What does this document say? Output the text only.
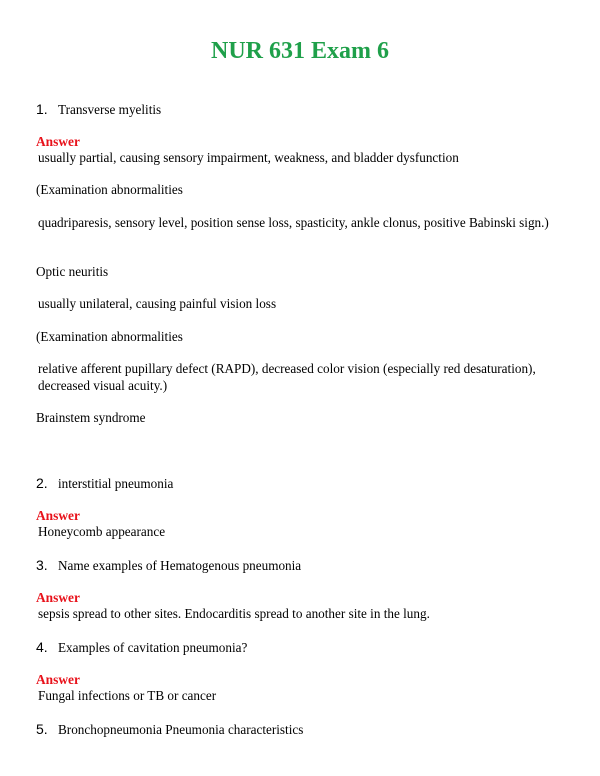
NUR 631 Exam 6
1. Transverse myelitis
Answer
usually partial, causing sensory impairment, weakness, and bladder dysfunction
(Examination abnormalities
quadriparesis, sensory level, position sense loss, spasticity, ankle clonus, positive Babinski sign.)
Optic neuritis
usually unilateral, causing painful vision loss
(Examination abnormalities
relative afferent pupillary defect (RAPD), decreased color vision (especially red desaturation), decreased visual acuity.)
Brainstem syndrome
2. interstitial pneumonia
Answer
Honeycomb appearance
3. Name examples of Hematogenous pneumonia
Answer
sepsis spread to other sites. Endocarditis spread to another site in the lung.
4. Examples of cavitation pneumonia?
Answer
Fungal infections or TB or cancer
5. Bronchopneumonia Pneumonia characteristics
